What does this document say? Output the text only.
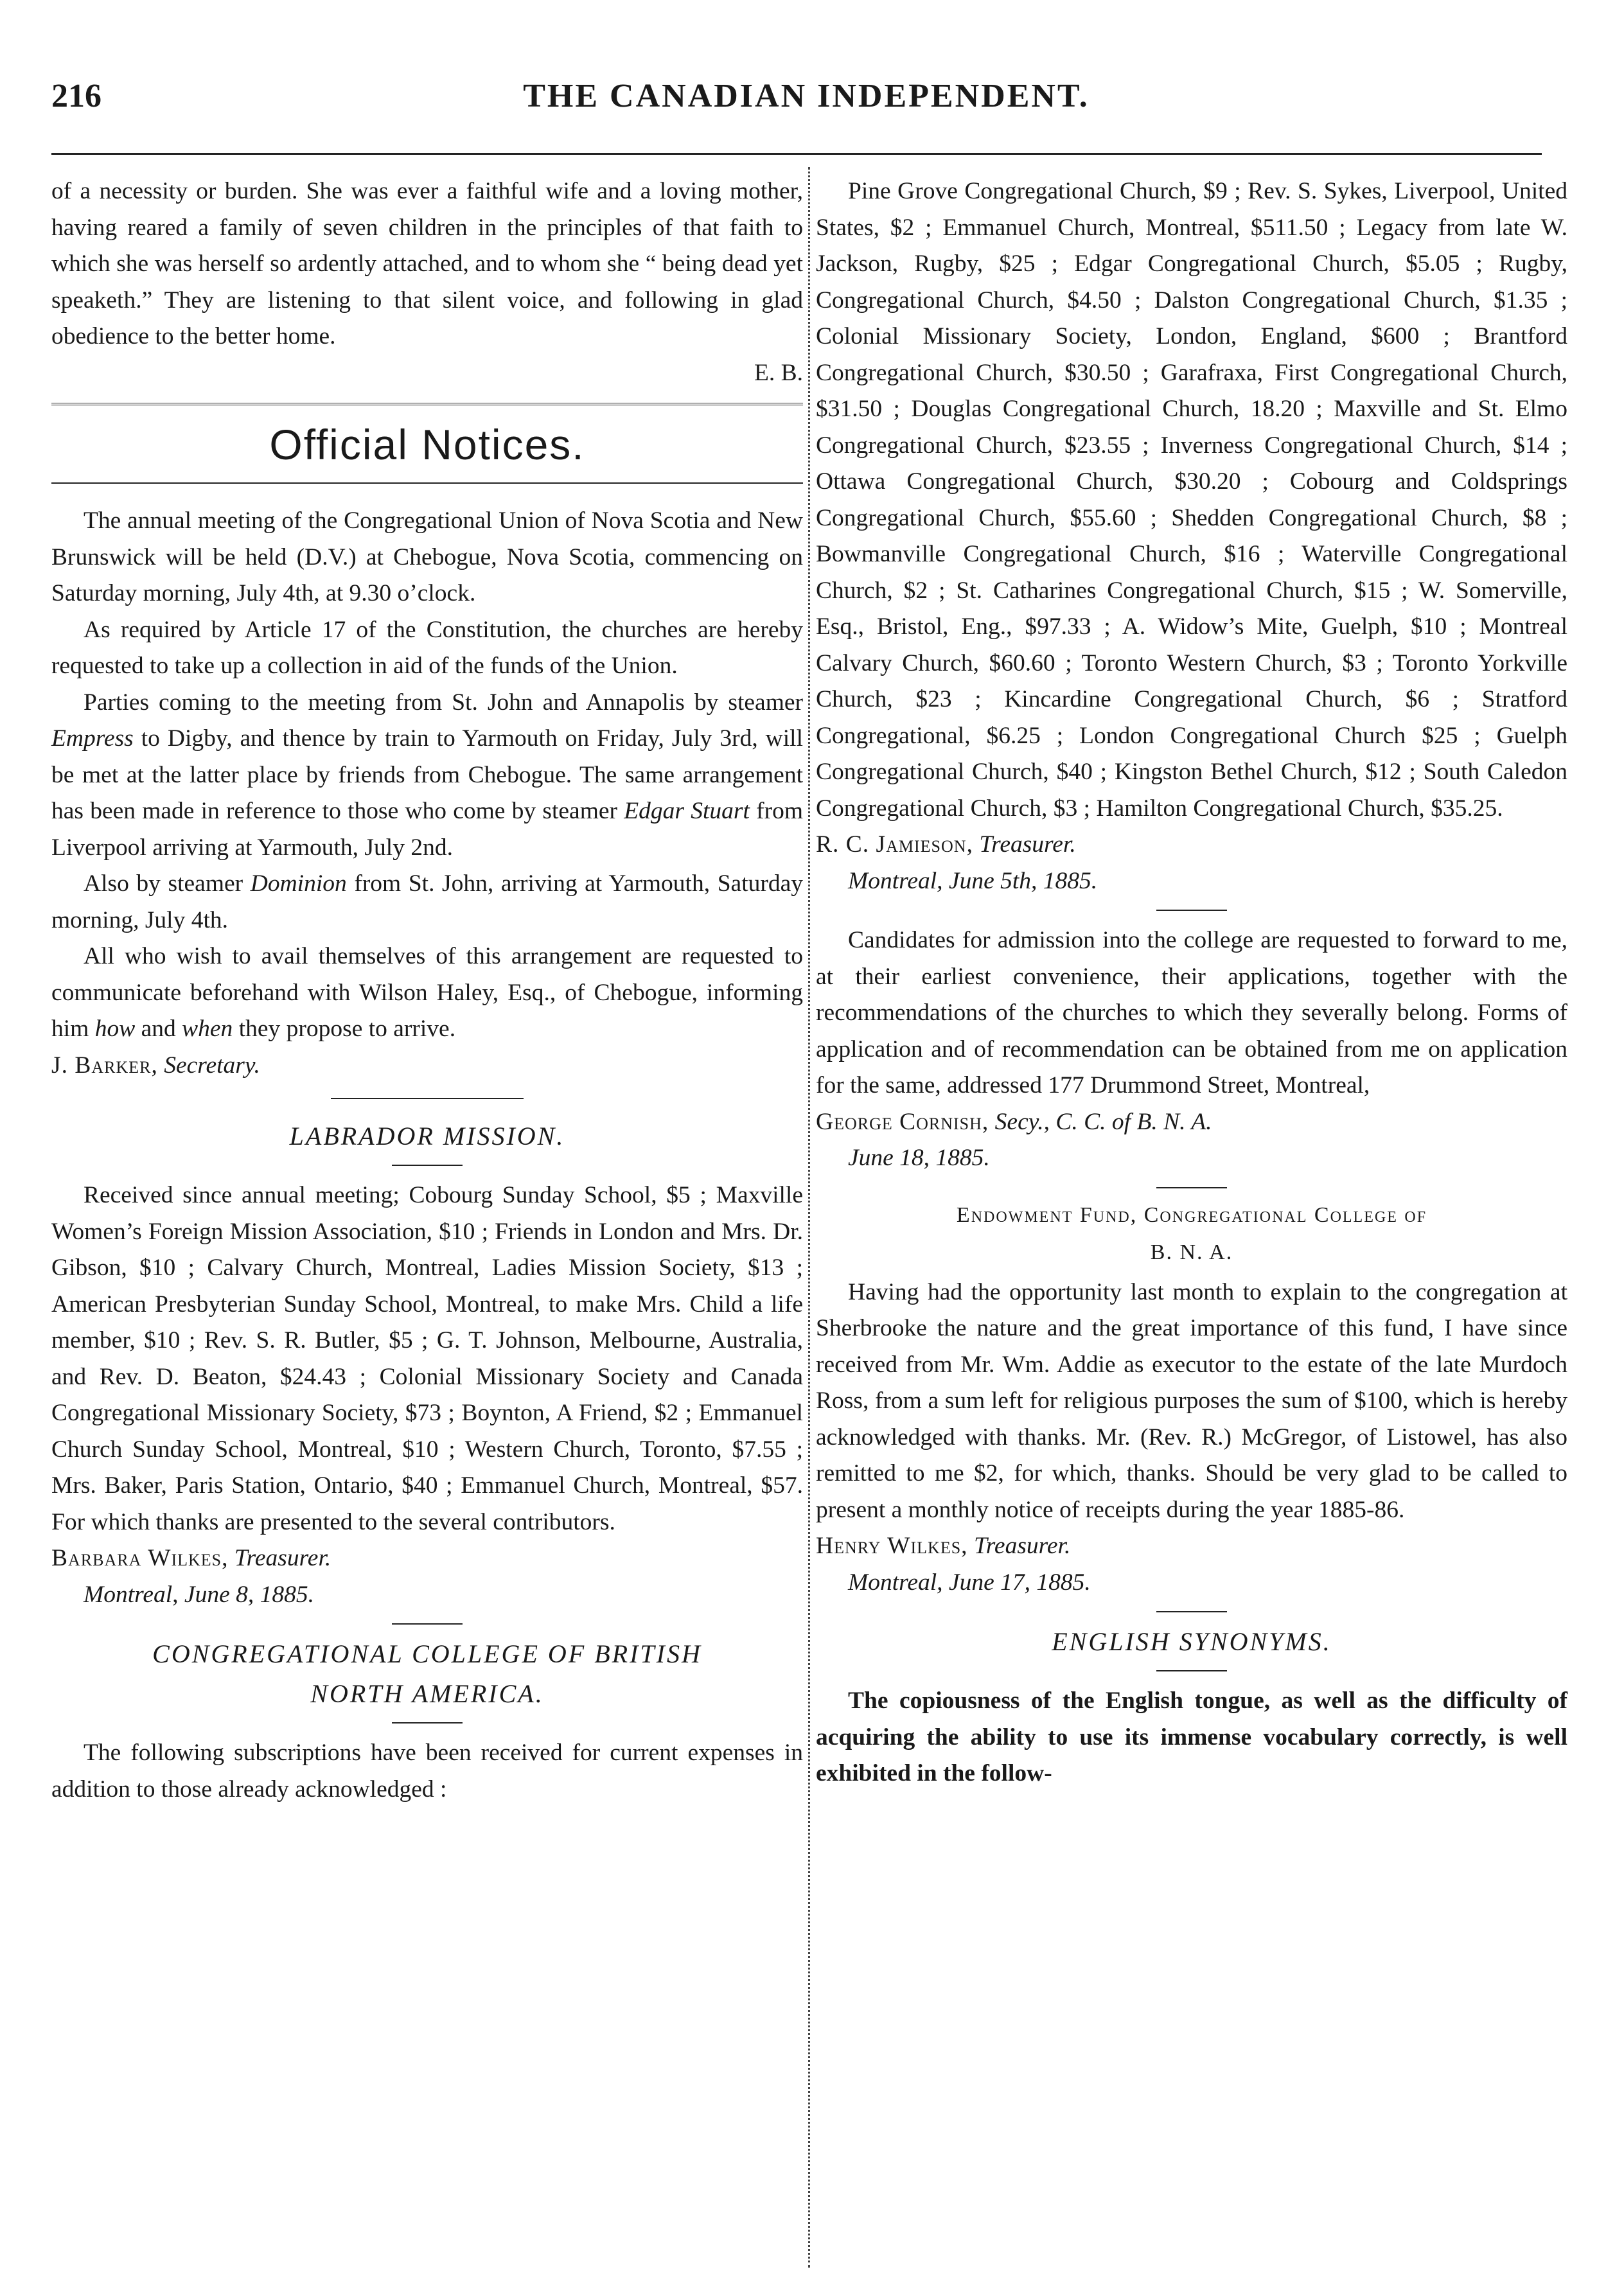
216	THE CANADIAN INDEPENDENT.

of a necessity or burden. She was ever a faithful wife and a loving mother, having reared a family of seven children in the principles of that faith to which she was herself so ardently attached, and to whom she “ being dead yet speaketh.” They are listening to that silent voice, and following in glad obedience to the better home.

E. B.

Official Notices.

The annual meeting of the Congregational Union of Nova Scotia and New Brunswick will be held (D.V.) at Chebogue, Nova Scotia, commencing on Saturday morning, July 4th, at 9.30 o’clock.

As required by Article 17 of the Constitution, the churches are hereby requested to take up a collection in aid of the funds of the Union.

Parties coming to the meeting from St. John and Annapolis by steamer Empress to Digby, and thence by train to Yarmouth on Friday, July 3rd, will be met at the latter place by friends from Chebogue. The same arrangement has been made in reference to those who come by steamer Edgar Stuart from Liverpool arriving at Yarmouth, July 2nd.

Also by steamer Dominion from St. John, arriving at Yarmouth, Saturday morning, July 4th.

All who wish to avail themselves of this arrangement are requested to communicate beforehand with Wilson Haley, Esq., of Chebogue, informing him how and when they propose to arrive.

J. Barker, Secretary.

LABRADOR MISSION.

Received since annual meeting; Cobourg Sunday School, $5 ; Maxville Women’s Foreign Mission Association, $10 ; Friends in London and Mrs. Dr. Gibson, $10 ; Calvary Church, Montreal, Ladies Mission Society, $13 ; American Presbyterian Sunday School, Montreal, to make Mrs. Child a life member, $10 ; Rev. S. R. Butler, $5 ; G. T. Johnson, Melbourne, Australia, and Rev. D. Beaton, $24.43 ; Colonial Missionary Society and Canada Congregational Missionary Society, $73 ; Boynton, A Friend, $2 ; Emmanuel Church Sunday School, Montreal, $10 ; Western Church, Toronto, $7.55 ; Mrs. Baker, Paris Station, Ontario, $40 ; Emmanuel Church, Montreal, $57. For which thanks are presented to the several contributors.

Barbara Wilkes, Treasurer.

Montreal, June 8, 1885.

CONGREGATIONAL COLLEGE OF BRITISH
NORTH AMERICA.

The following subscriptions have been received for current expenses in addition to those already acknowledged :

Pine Grove Congregational Church, $9 ; Rev. S. Sykes, Liverpool, United States, $2 ; Emmanuel Church, Montreal, $511.50 ; Legacy from late W. Jackson, Rugby, $25 ; Edgar Congregational Church, $5.05 ; Rugby, Congregational Church, $4.50 ; Dalston Congregational Church, $1.35 ; Colonial Missionary Society, London, England, $600 ; Brantford Congregational Church, $30.50 ; Garafraxa, First Congregational Church, $31.50 ; Douglas Congregational Church, 18.20 ; Maxville and St. Elmo Congregational Church, $23.55 ; Inverness Congregational Church, $14 ; Ottawa Congregational Church, $30.20 ; Cobourg and Coldsprings Congregational Church, $55.60 ; Shedden Congregational Church, $8 ; Bowmanville Congregational Church, $16 ; Waterville Congregational Church, $2 ; St. Catharines Congregational Church, $15 ; W. Somerville, Esq., Bristol, Eng., $97.33 ; A. Widow’s Mite, Guelph, $10 ; Montreal Calvary Church, $60.60 ; Toronto Western Church, $3 ; Toronto Yorkville Church, $23 ; Kincardine Congregational Church, $6 ; Stratford Congregational, $6.25 ; London Congregational Church $25 ; Guelph Congregational Church, $40 ; Kingston Bethel Church, $12 ; South Caledon Congregational Church, $3 ; Hamilton Congregational Church, $35.25.

R. C. Jamieson, Treasurer.

Montreal, June 5th, 1885.

Candidates for admission into the college are requested to forward to me, at their earliest convenience, their applications, together with the recommendations of the churches to which they severally belong. Forms of application and of recommendation can be obtained from me on application for the same, addressed 177 Drummond Street, Montreal,

George Cornish, Secy., C. C. of B. N. A.

June 18, 1885.

Endowment Fund, Congregational College of
B. N. A.

Having had the opportunity last month to explain to the congregation at Sherbrooke the nature and the great importance of this fund, I have since received from Mr. Wm. Addie as executor to the estate of the late Murdoch Ross, from a sum left for religious purposes the sum of $100, which is hereby acknowledged with thanks. Mr. (Rev. R.) McGregor, of Listowel, has also remitted to me $2, for which, thanks. Should be very glad to be called to present a monthly notice of receipts during the year 1885-86.

Henry Wilkes, Treasurer.

Montreal, June 17, 1885.

ENGLISH SYNONYMS.

The copiousness of the English tongue, as well as the difficulty of acquiring the ability to use its immense vocabulary correctly, is well exhibited in the follow-
